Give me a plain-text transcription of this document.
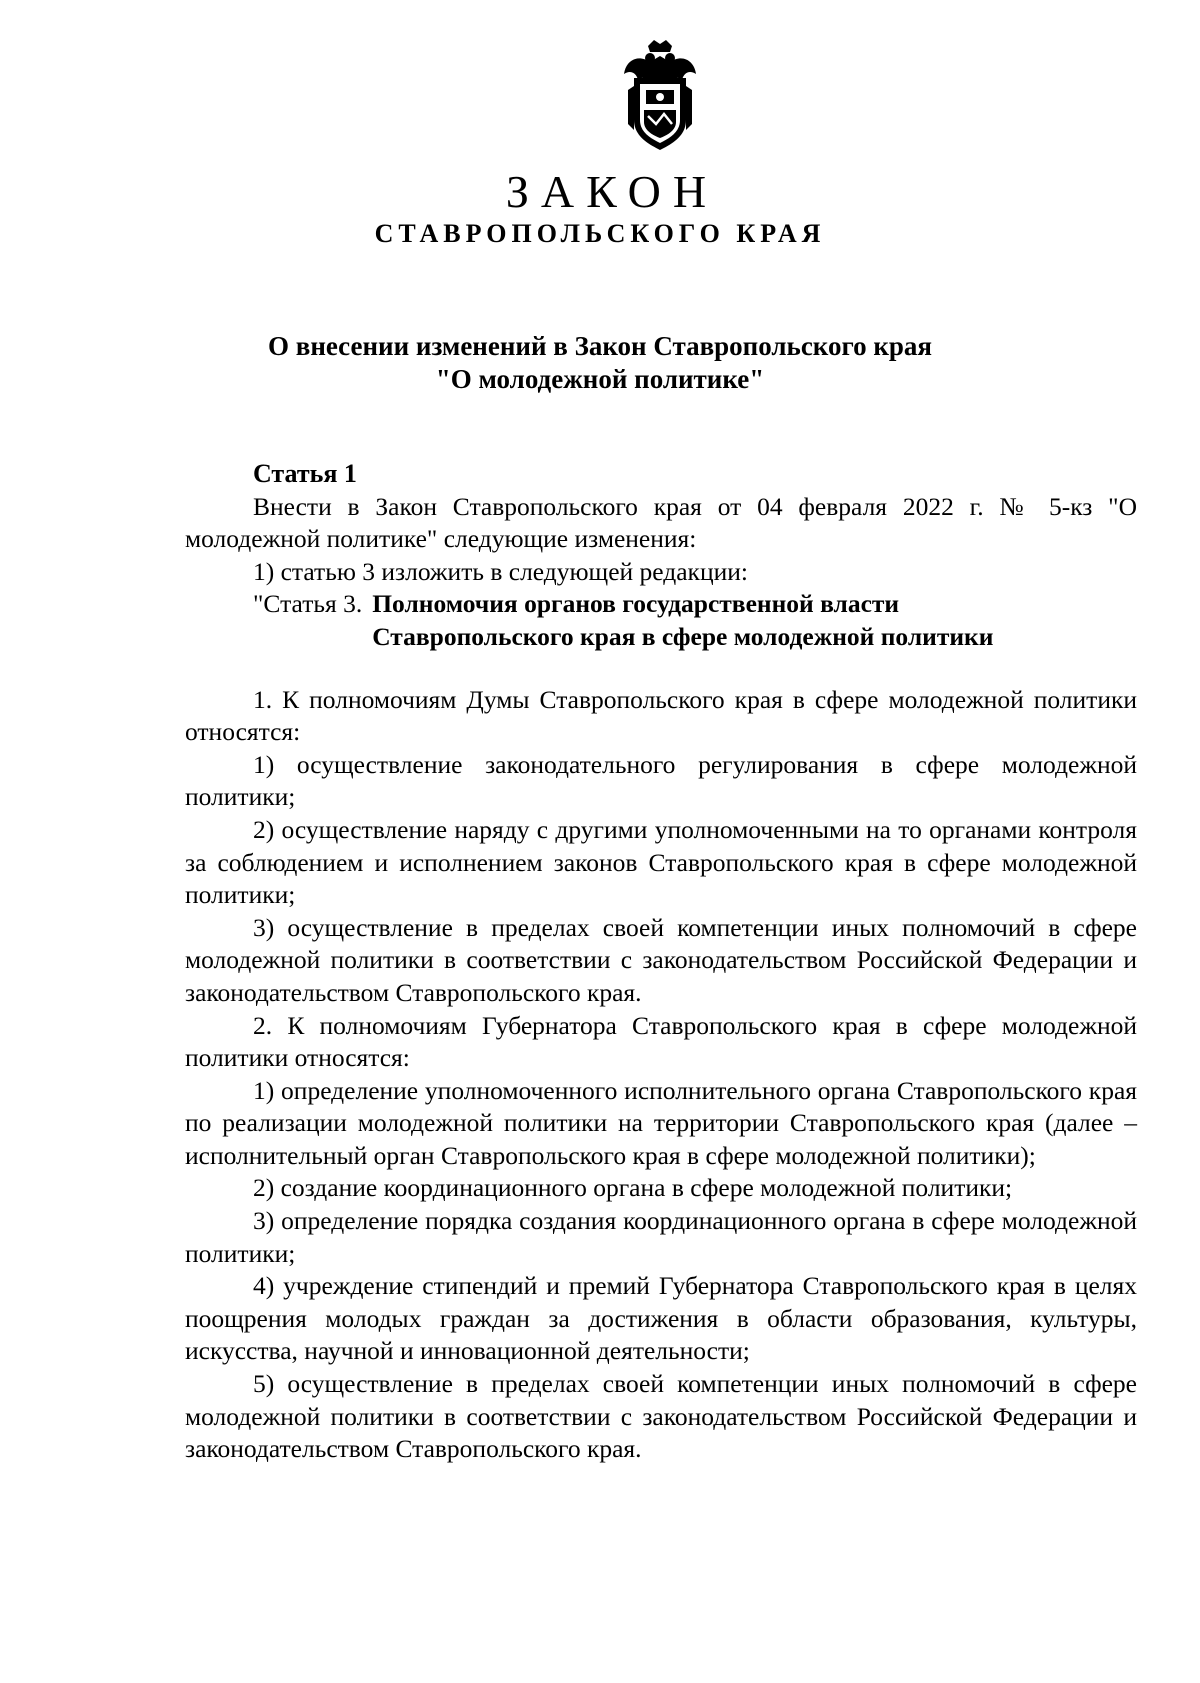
ЗАКОН
СТАВРОПОЛЬСКОГО КРАЯ
О внесении изменений в Закон Ставропольского края
"О молодежной политике"
Статья 1

Внести в Закон Ставропольского края от 04 февраля 2022 г. № 5-кз "О молодежной политике" следующие изменения:

1) статью 3 изложить в следующей редакции:

"Статья 3. Полномочия органов государственной власти
Ставропольского края в сфере молодежной политики

1. К полномочиям Думы Ставропольского края в сфере молодежной политики относятся:

1) осуществление законодательного регулирования в сфере молодежной политики;

2) осуществление наряду с другими уполномоченными на то органами контроля за соблюдением и исполнением законов Ставропольского края в сфере молодежной политики;

3) осуществление в пределах своей компетенции иных полномочий в сфере молодежной политики в соответствии с законодательством Российской Федерации и законодательством Ставропольского края.

2. К полномочиям Губернатора Ставропольского края в сфере молодежной политики относятся:

1) определение уполномоченного исполнительного органа Ставропольского края по реализации молодежной политики на территории Ставропольского края (далее – исполнительный орган Ставропольского края в сфере молодежной политики);

2) создание координационного органа в сфере молодежной политики;

3) определение порядка создания координационного органа в сфере молодежной политики;

4) учреждение стипендий и премий Губернатора Ставропольского края в целях поощрения молодых граждан за достижения в области образования, культуры, искусства, научной и инновационной деятельности;

5) осуществление в пределах своей компетенции иных полномочий в сфере молодежной политики в соответствии с законодательством Российской Федерации и законодательством Ставропольского края.
